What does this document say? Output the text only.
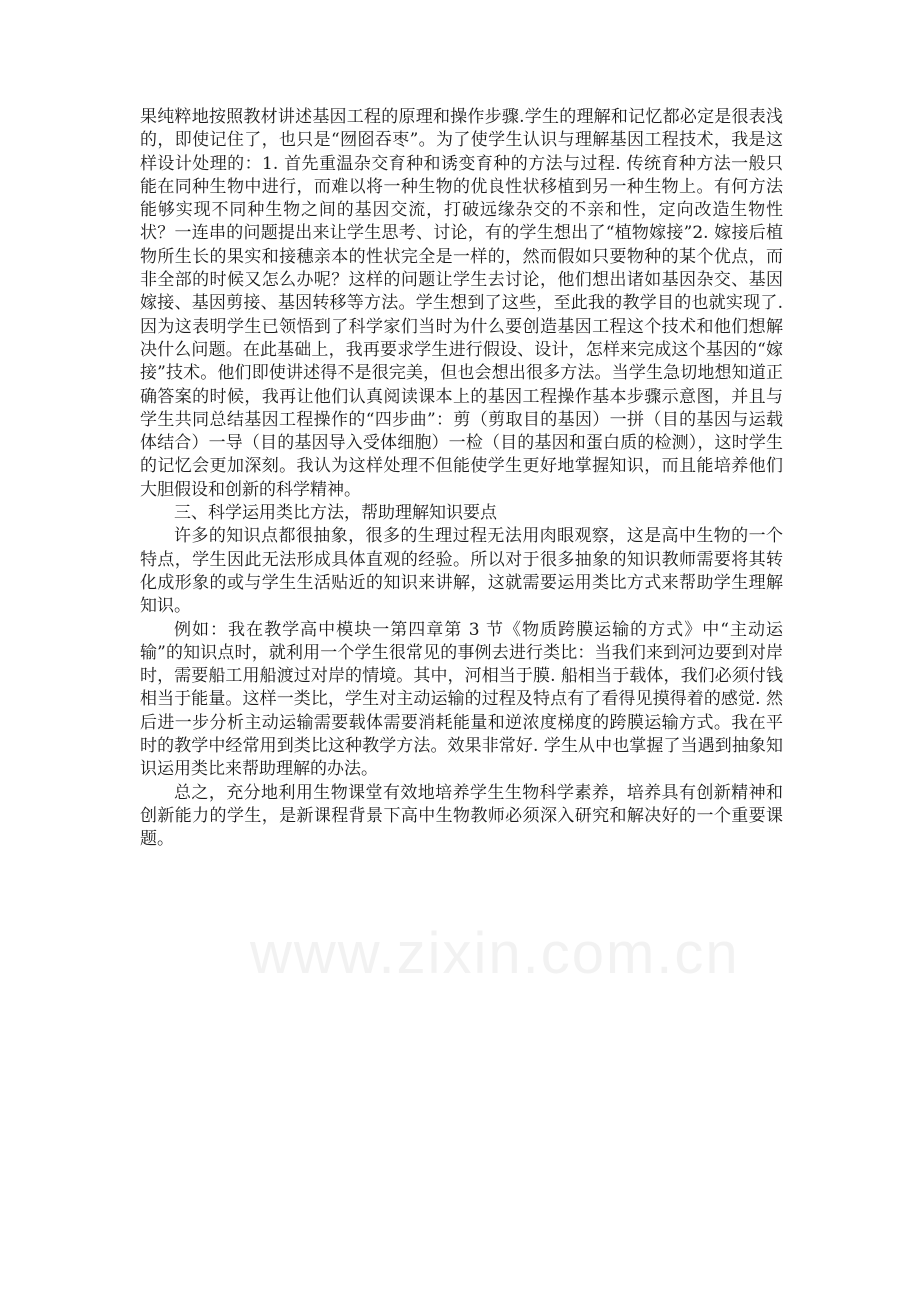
果纯粹地按照教材讲述基因工程的原理和操作步骤.学生的理解和记忆都必定是很表浅的，即使记住了，也只是“囫囵吞枣”。为了使学生认识与理解基因工程技术，我是这样设计处理的：1. 首先重温杂交育种和诱变育种的方法与过程. 传统育种方法一般只能在同种生物中进行，而难以将一种生物的优良性状移植到另一种生物上。有何方法能够实现不同种生物之间的基因交流，打破远缘杂交的不亲和性，定向改造生物性状？一连串的问题提出来让学生思考、讨论，有的学生想出了“植物嫁接”2. 嫁接后植物所生长的果实和接穗亲本的性状完全是一样的，然而假如只要物种的某个优点，而非全部的时候又怎么办呢？这样的问题让学生去讨论，他们想出诸如基因杂交、基因嫁接、基因剪接、基因转移等方法。学生想到了这些，至此我的教学目的也就实现了. 因为这表明学生已领悟到了科学家们当时为什么要创造基因工程这个技术和他们想解决什么问题。在此基础上，我再要求学生进行假设、设计，怎样来完成这个基因的“嫁接”技术。他们即使讲述得不是很完美，但也会想出很多方法。当学生急切地想知道正确答案的时候，我再让他们认真阅读课本上的基因工程操作基本步骤示意图，并且与学生共同总结基因工程操作的“四步曲”：剪（剪取目的基因）一拼（目的基因与运载体结合）一导（目的基因导入受体细胞）一检（目的基因和蛋白质的检测），这时学生的记忆会更加深刻。我认为这样处理不但能使学生更好地掌握知识，而且能培养他们大胆假设和创新的科学精神。

三、科学运用类比方法，帮助理解知识要点

许多的知识点都很抽象，很多的生理过程无法用肉眼观察，这是高中生物的一个特点，学生因此无法形成具体直观的经验。所以对于很多抽象的知识教师需要将其转化成形象的或与学生生活贴近的知识来讲解，这就需要运用类比方式来帮助学生理解知识。

例如：我在教学高中模块一第四章第 3 节《物质跨膜运输的方式》中“主动运输”的知识点时，就利用一个学生很常见的事例去进行类比：当我们来到河边要到对岸时，需要船工用船渡过对岸的情境。其中，河相当于膜. 船相当于载体，我们必须付钱相当于能量。这样一类比，学生对主动运输的过程及特点有了看得见摸得着的感觉. 然后进一步分析主动运输需要载体需要消耗能量和逆浓度梯度的跨膜运输方式。我在平时的教学中经常用到类比这种教学方法。效果非常好. 学生从中也掌握了当遇到抽象知识运用类比来帮助理解的办法。

总之，充分地利用生物课堂有效地培养学生生物科学素养，培养具有创新精神和创新能力的学生，是新课程背景下高中生物教师必须深入研究和解决好的一个重要课题。

www.zixin.com.cn
